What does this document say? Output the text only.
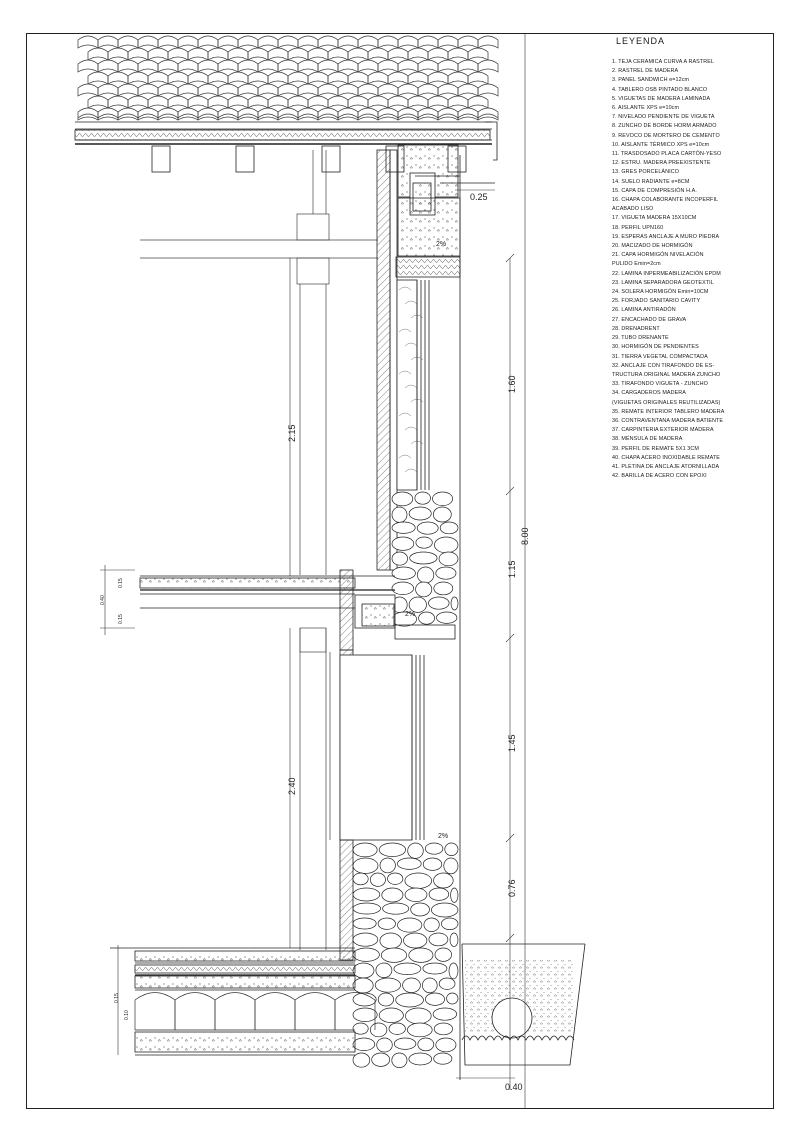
0.25
0.40
1.60
1.15
1.45
0.76
8.00
2.15
2.40
2%
2%
2%
0.40
0.15
0.15
0.15
0.10
LEYENDA
1. TEJA CERAMICA CURVA A RASTREL
2. RASTREL DE MADERA
3. PANEL SANDWICH e=12cm
4. TABLERO OSB PINTADO BLANCO
5. VIGUETAS DE MADERA LAMINADA
6. AISLANTE XPS e=10cm
7. NIVELADO PENDIENTE DE VIGUETA
8. ZUNCHO DE BORDE HORM ARMADO
9. REVOCO DE MORTERO DE CEMENTO
10. AISLANTE TÉRMICO XPS e=10cm
11. TRASDOSADO PLACA CARTÓN-YESO
12. ESTRU. MADERA PREEXISTENTE
13. GRES PORCELÁNICO
14. SUELO RADIANTE e=8CM
15. CAPA DE COMPRESIÓN H.A.
16. CHAPA COLABORANTE INCOPERFIL
ACABADO LISO
17. VIGUETA MADERA 15X10CM
18. PERFIL UPN160
19. ESPERAS ANCLAJE A MURO PIEDRA
20. MACIZADO DE HORMIGÓN
21. CAPA HORMIGÓN NIVELACIÓN
PULIDO Emin=2cm
22. LAMINA INPERMEABILIZACIÓN EPDM
23. LAMINA SEPARADORA GEOTEXTIL
24. SOLERA HORMIGÓN Emin=10CM
25. FORJADO SANITARIO CAVITY
26. LAMINA ANTIRADÓN
27. ENCACHADO DE GRAVA
28. DRENADRENT
29. TUBO DRENANTE
30. HORMIGÓN DE PENDIENTES
31. TIERRA VEGETAL COMPACTADA
32. ANCLAJE CON TIRAFONDO DE ES-
TRUCTURA ORIGINAL MADERA ZUNCHO
33. TIRAFONDO VIGUETA - ZUNCHO
34. CARGADEROS MADERA
(VIGUETAS ORIGINALES REUTILIZADAS)
35. REMATE INTERIOR TABLERO MADERA
36. CONTRAVENTANA MADERA BATIENTE
37. CARPINTERIA EXTERIOR MADERA
38. MÉNSULA DE MADERA
39. PERFIL DE REMATE 5X1 3CM
40. CHAPA ACERO INOXIDABLE REMATE
41. PLETINA DE ANCLAJE ATORNILLADA
42. BARILLA DE ACERO CON EPOXI
